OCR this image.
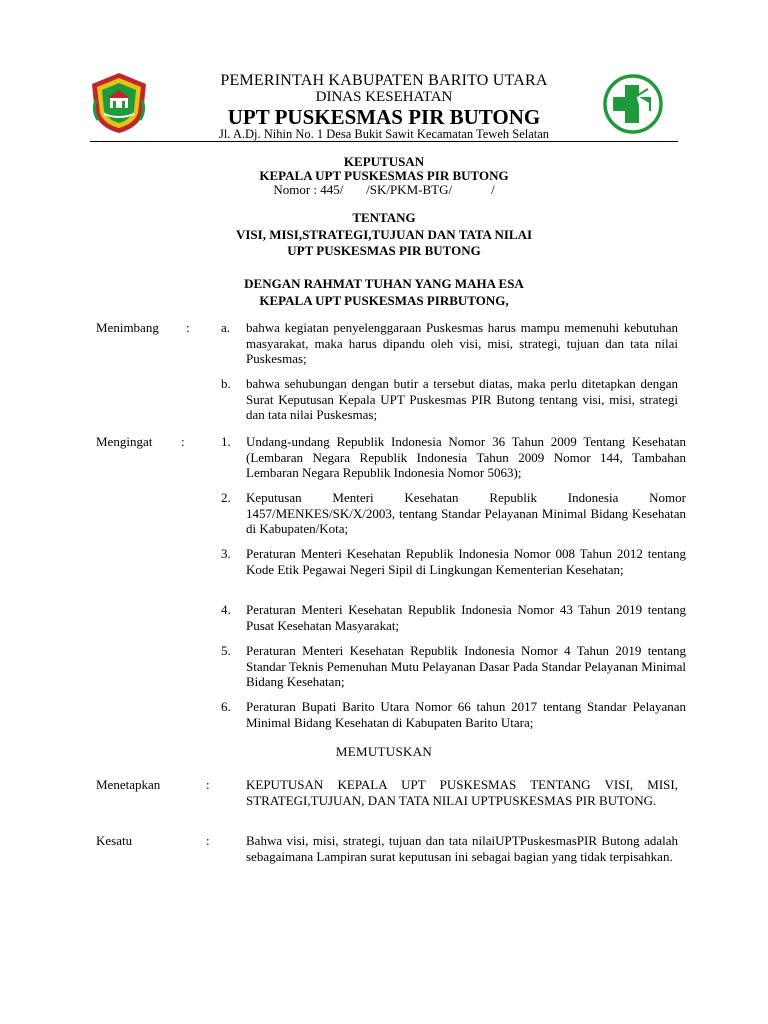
PEMERINTAH KABUPATEN BARITO UTARA
DINAS KESEHATAN
UPT PUSKESMAS PIR BUTONG
Jl. A.Dj. Nihin No. 1 Desa Bukit Sawit Kecamatan Teweh Selatan
KEPUTUSAN
KEPALA UPT PUSKESMAS PIR BUTONG
Nomor : 445/       /SK/PKM-BTG/            /
TENTANG
VISI, MISI,STRATEGI,TUJUAN DAN TATA NILAI
UPT PUSKESMAS PIR BUTONG
DENGAN RAHMAT TUHAN YANG MAHA ESA
KEPALA UPT PUSKESMAS PIRBUTONG,
Menimbang : a. bahwa kegiatan penyelenggaraan Puskesmas harus mampu memenuhi kebutuhan masyarakat, maka harus dipandu oleh visi, misi, strategi, tujuan dan tata nilai Puskesmas;
b. bahwa sehubungan dengan butir a tersebut diatas, maka perlu ditetapkan dengan Surat Keputusan Kepala UPT Puskesmas PIR Butong tentang visi, misi, strategi dan tata nilai Puskesmas;
Mengingat :	1. Undang-undang Republik Indonesia Nomor 36 Tahun 2009 Tentang Kesehatan (Lembaran Negara Republik Indonesia Tahun 2009 Nomor 144, Tambahan Lembaran Negara Republik Indonesia Nomor 5063);
2. Keputusan Menteri Kesehatan Republik Indonesia Nomor 1457/MENKES/SK/X/2003, tentang Standar Pelayanan Minimal Bidang Kesehatan di Kabupaten/Kota;
3. Peraturan Menteri Kesehatan Republik Indonesia Nomor 008 Tahun 2012 tentang Kode Etik Pegawai Negeri Sipil di Lingkungan Kementerian Kesehatan;
4. Peraturan Menteri Kesehatan Republik Indonesia Nomor 43 Tahun 2019 tentang Pusat Kesehatan Masyarakat;
5. Peraturan Menteri Kesehatan Republik Indonesia Nomor 4 Tahun 2019 tentang Standar Teknis Pemenuhan Mutu Pelayanan Dasar Pada Standar Pelayanan Minimal Bidang Kesehatan;
6. Peraturan Bupati Barito Utara Nomor 66 tahun 2017 tentang Standar Pelayanan Minimal Bidang Kesehatan di Kabupaten Barito Utara;
MEMUTUSKAN
Menetapkan	:	KEPUTUSAN KEPALA UPT PUSKESMAS TENTANG VISI, MISI, STRATEGI,TUJUAN, DAN TATA NILAI UPTPUSKESMAS PIR BUTONG.
Kesatu	:	Bahwa visi, misi, strategi, tujuan dan tata nilaiUPTPuskesmasPIR Butong adalah sebagaimana Lampiran surat keputusan ini sebagai bagian yang tidak terpisahkan.
